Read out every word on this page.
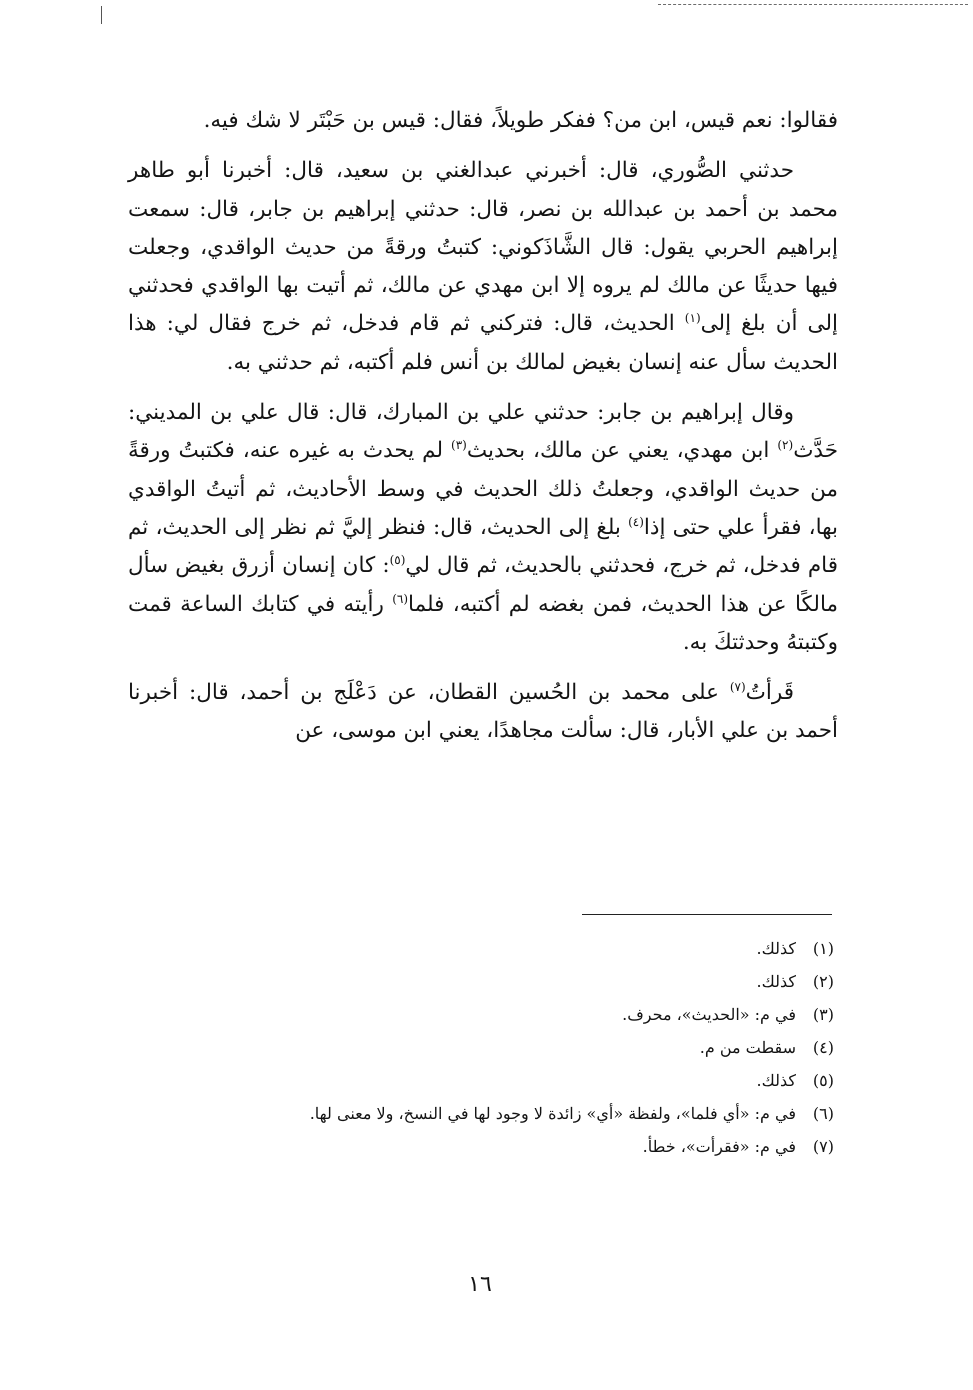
فقالوا: نعم قيس، ابن من؟ ففكر طويلاً، فقال: قيس بن حَبْتَر لا شك فيه.

حدثني الصُّوري، قال: أخبرني عبدالغني بن سعيد، قال: أخبرنا أبو طاهر محمد بن أحمد بن عبدالله بن نصر، قال: حدثني إبراهيم بن جابر، قال: سمعت إبراهيم الحربي يقول: قال الشَّاذَكوني: كتبتُ ورقةً من حديث الواقدي، وجعلت فيها حديثًا عن مالك لم يروه إلا ابن مهدي عن مالك، ثم أتيت بها الواقدي فحدثني إلى أن بلغ إلى$^{(١)}$ الحديث، قال: فتركني ثم قام فدخل، ثم خرج فقال لي: هذا الحديث سأل عنه إنسان بغيض لمالك بن أنس فلم أكتبه، ثم حدثني به.

وقال إبراهيم بن جابر: حدثني علي بن المبارك، قال: قال علي بن المديني: حَدَّث$^{(٢)}$ ابن مهدي، يعني عن مالك، بحديث$^{(٣)}$ لم يحدث به غيره عنه، فكتبتُ ورقةً من حديث الواقدي، وجعلتُ ذلك الحديث في وسط الأحاديث، ثم أتيتُ الواقدي بها، فقرأ علي حتى إذا$^{(٤)}$ بلغ إلى الحديث، قال: فنظر إليَّ ثم نظر إلى الحديث، ثم قام فدخل، ثم خرج، فحدثني بالحديث، ثم قال لي$^{(٥)}$: كان إنسان أزرق بغيض سأل مالكًا عن هذا الحديث، فمن بغضه لم أكتبه، فلما$^{(٦)}$ رأيته في كتابك الساعة قمت وكتبتهُ وحدثتكَ به.

قَرأتُ$^{(٧)}$ على محمد بن الحُسين القطان، عن دَعْلَج بن أحمد، قال: أخبرنا أحمد بن علي الأبار، قال: سألت مجاهدًا، يعني ابن موسى، عن

(١)كذلك.
(٢)كذلك.
(٣)في م: «الحديث»، محرف.
(٤)سقطت من م.
(٥)كذلك.
(٦)في م: «أي فلما»، ولفظة «أي» زائدة لا وجود لها في النسخ، ولا معنى لها.
(٧)في م: «فقرأت»، خطأ.
١٦
